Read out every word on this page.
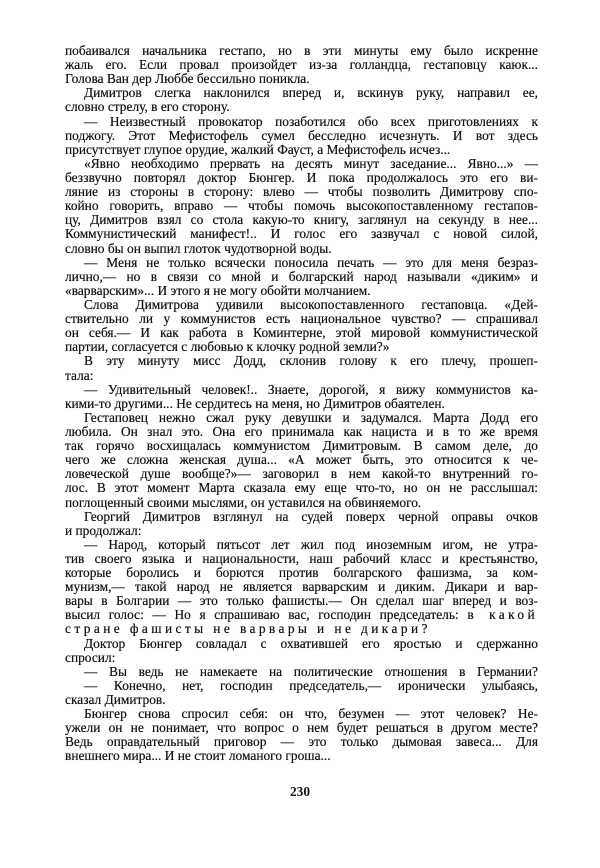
побаивался начальника гестапо, но в эти минуты ему было искренне
жаль его. Если провал произойдет из-за голландца, гестаповцу каюк...
Голова Ван дер Люббе бессильно поникла.
Димитров слегка наклонился вперед и, вскинув руку, направил ее,
словно стрелу, в его сторону.
— Неизвестный провокатор позаботился обо всех приготовлениях к
поджогу. Этот Мефистофель сумел бесследно исчезнуть. И вот здесь
присутствует глупое орудие, жалкий Фауст, а Мефистофель исчез...
«Явно необходимо прервать на десять минут заседание... Явно...» —
беззвучно повторял доктор Бюнгер. И пока продолжалось это его ви-
ляние из стороны в сторону: влево — чтобы позволить Димитрову спо-
койно говорить, вправо — чтобы помочь высокопоставленному гестапов-
цу, Димитров взял со стола какую-то книгу, заглянул на секунду в нее...
Коммунистический манифест!.. И голос его зазвучал с новой силой,
словно бы он выпил глоток чудотворной воды.
— Меня не только всячески поносила печать — это для меня безраз-
лично,— но в связи со мной и болгарский народ называли «диким» и
«варварским»... И этого я не могу обойти молчанием.
Слова Димитрова удивили высокопоставленного гестаповца. «Дей-
ствительно ли у коммунистов есть национальное чувство? — спрашивал
он себя.— И как работа в Коминтерне, этой мировой коммунистической
партии, согласуется с любовью к клочку родной земли?»
В эту минуту мисс Додд, склонив голову к его плечу, прошеп-
тала:
— Удивительный человек!.. Знаете, дорогой, я вижу коммунистов ка-
кими-то другими... Не сердитесь на меня, но Димитров обаятелен.
Гестаповец нежно сжал руку девушки и задумался. Марта Додд его
любила. Он знал это. Она его принимала как нациста и в то же время
так горячо восхищалась коммунистом Димитровым. В самом деле, до
чего же сложна женская душа... «А может быть, это относится к че-
ловеческой душе вообще?»— заговорил в нем какой-то внутренний го-
лос. В этот момент Марта сказала ему еще что-то, но он не расслышал:
поглощенный своими мыслями, он уставился на обвиняемого.
Георгий Димитров взглянул на судей поверх черной оправы очков
и продолжал:
— Народ, который пятьсот лет жил под иноземным игом, не утра-
тив своего языка и национальности, наш рабочий класс и крестьянство,
которые боролись и борются против болгарского фашизма, за ком-
мунизм,— такой народ не является варварским и диким. Дикари и вар-
вары в Болгарии — это только фашисты.— Он сделал шаг вперед и воз-
высил голос: — Но я спрашиваю вас, господин председатель: в какой
стране фашисты не варвары и не дикари?
Доктор Бюнгер совладал с охватившей его яростью и сдержанно
спросил:
— Вы ведь не намекаете на политические отношения в Германии?
— Конечно, нет, господин председатель,— иронически улыбаясь,
сказал Димитров.
Бюнгер снова спросил себя: он что, безумен — этот человек? Не-
ужели он не понимает, что вопрос о нем будет решаться в другом месте?
Ведь оправдательный приговор — это только дымовая завеса... Для
внешнего мира... И не стоит ломаного гроша...
230
